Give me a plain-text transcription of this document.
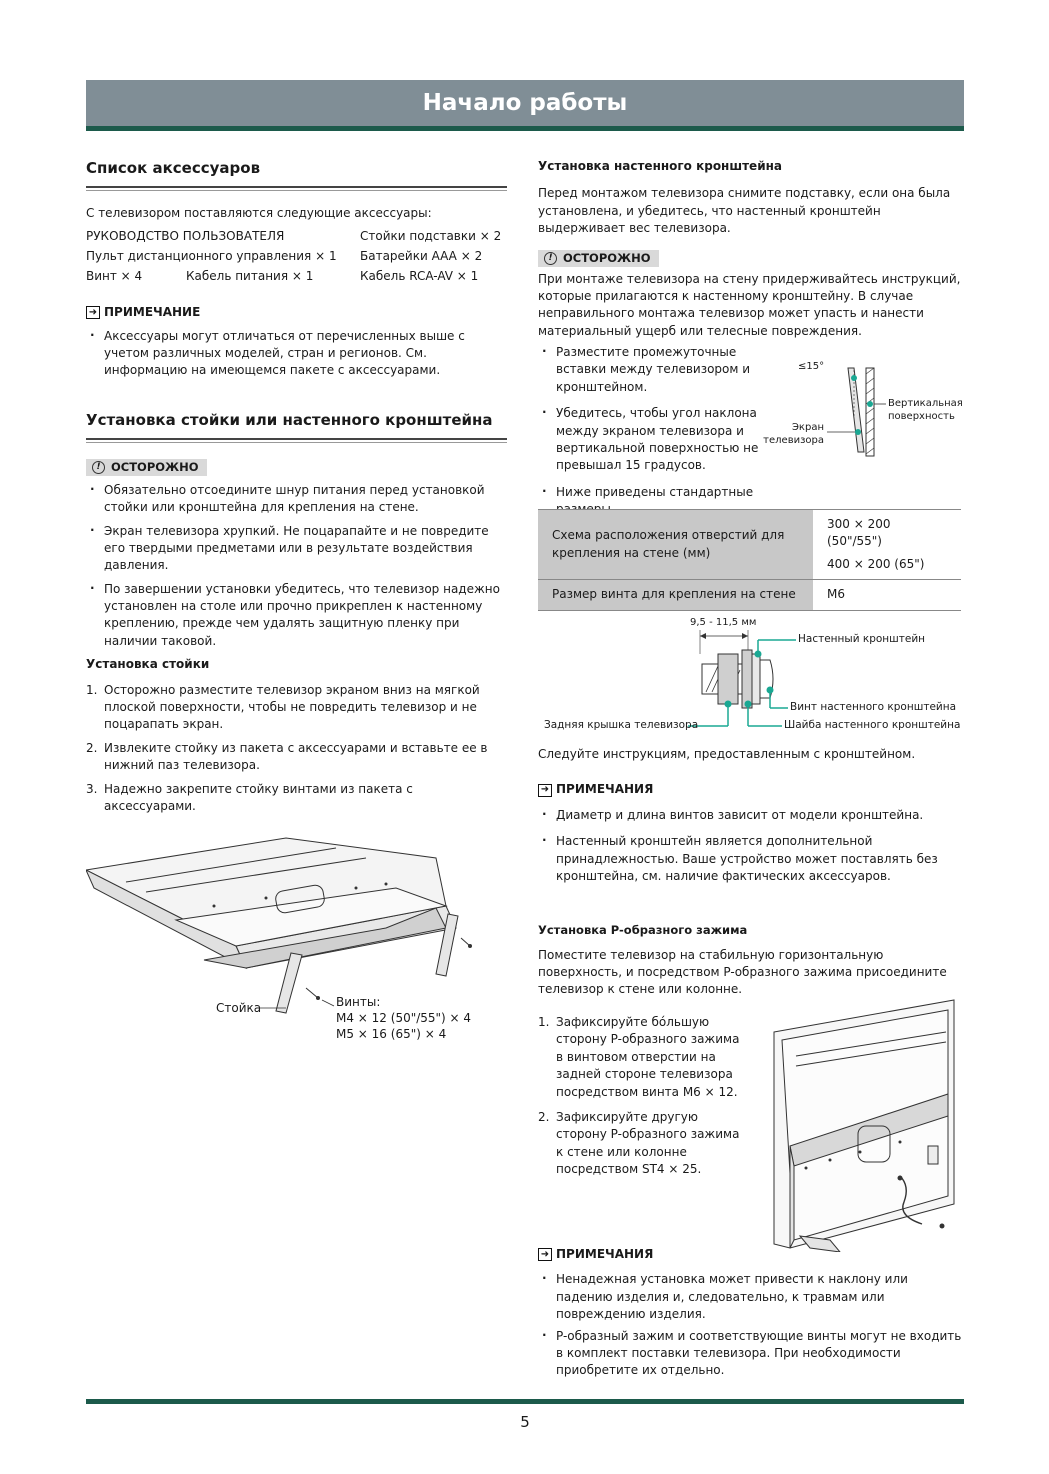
Начало работы
Список аксессуаров
С телевизором поставляются следующие аксессуары:
РУКОВОДСТВО ПОЛЬЗОВАТЕЛЯ	Стойки подставки × 2
Пульт дистанционного управления × 1 Батарейки AAA × 2
Винт × 4	Кабель питания × 1	Кабель RCA-AV × 1
➜ ПРИМЕЧАНИЕ
· Аксессуары могут отличаться от перечисленных выше с учетом различных моделей, стран и регионов. См. информацию на имеющемся пакете с аксессуарами.
Установка стойки или настенного кронштейна
! ОСТОРОЖНО
· Обязательно отсоедините шнур питания перед установкой стойки или кронштейна для крепления на стене.
· Экран телевизора хрупкий. Не поцарапайте и не повредите его твердыми предметами или в результате воздействия давления.
· По завершении установки убедитесь, что телевизор надежно установлен на столе или прочно прикреплен к настенному креплению, прежде чем удалять защитную пленку при наличии таковой.
Установка стойки
1. Осторожно разместите телевизор экраном вниз на мягкой плоской поверхности, чтобы не повредить телевизор и не поцарапать экран.
2. Извлеките стойку из пакета с аксессуарами и вставьте ее в нижний паз телевизора.
3. Надежно закрепите стойку винтами из пакета с аксессуарами.
Стойка	Винты:
M4 × 12 (50"/55") × 4
M5 × 16 (65") × 4
Установка настенного кронштейна
Перед монтажом телевизора снимите подставку, если она была установлена, и убедитесь, что настенный кронштейн выдерживает вес телевизора.
! ОСТОРОЖНО
При монтаже телевизора на стену придерживайтесь инструкций, которые прилагаются к настенному кронштейну. В случае неправильного монтажа телевизор может упасть и нанести материальный ущерб или телесные повреждения.
· Разместите промежуточные вставки между телевизором и кронштейном.
· Убедитесь, чтобы угол наклона между экраном телевизора и вертикальной поверхностью не превышал 15 градусов.
· Ниже приведены стандартные
≤15°
Вертикальная поверхность
Экран телевизора
Схема расположения отверстий для крепления на стене (мм)	300 × 200 (50"/55")
400 × 200 (65")

Размер винта для крепления на стене	M6
9,5 - 11,5 мм
Настенный кронштейн
Винт настенного кронштейна
Шайба настенного кронштейна
Задняя крышка телевизора
Следуйте инструкциям, предоставленным с кронштейном.
➜ ПРИМЕЧАНИЯ
· Диаметр и длина винтов зависит от модели кронштейна.
· Настенный кронштейн является дополнительной принадлежностью. Ваше устройство может поставлять без кронштейна, см. наличие фактических аксессуаров.
Установка P-образного зажима
Поместите телевизор на стабильную горизонтальную поверхность, и посредством P-образного зажима присоедините телевизор к стене или колонне.
1. Зафиксируйте бóльшую сторону P-образного зажима в винтовом отверстии на задней стороне телевизора посредством винта M6 × 12.
2. Зафиксируйте другую сторону P-образного зажима к стене или колонне посредством ST4 × 25.
➜ ПРИМЕЧАНИЯ
· Ненадежная установка может привести к наклону или падению изделия и, следовательно, к травмам или повреждению изделия.
· P-образный зажим и соответствующие винты могут не входить в комплект поставки телевизора. При необходимости приобретите их отдельно.
5
